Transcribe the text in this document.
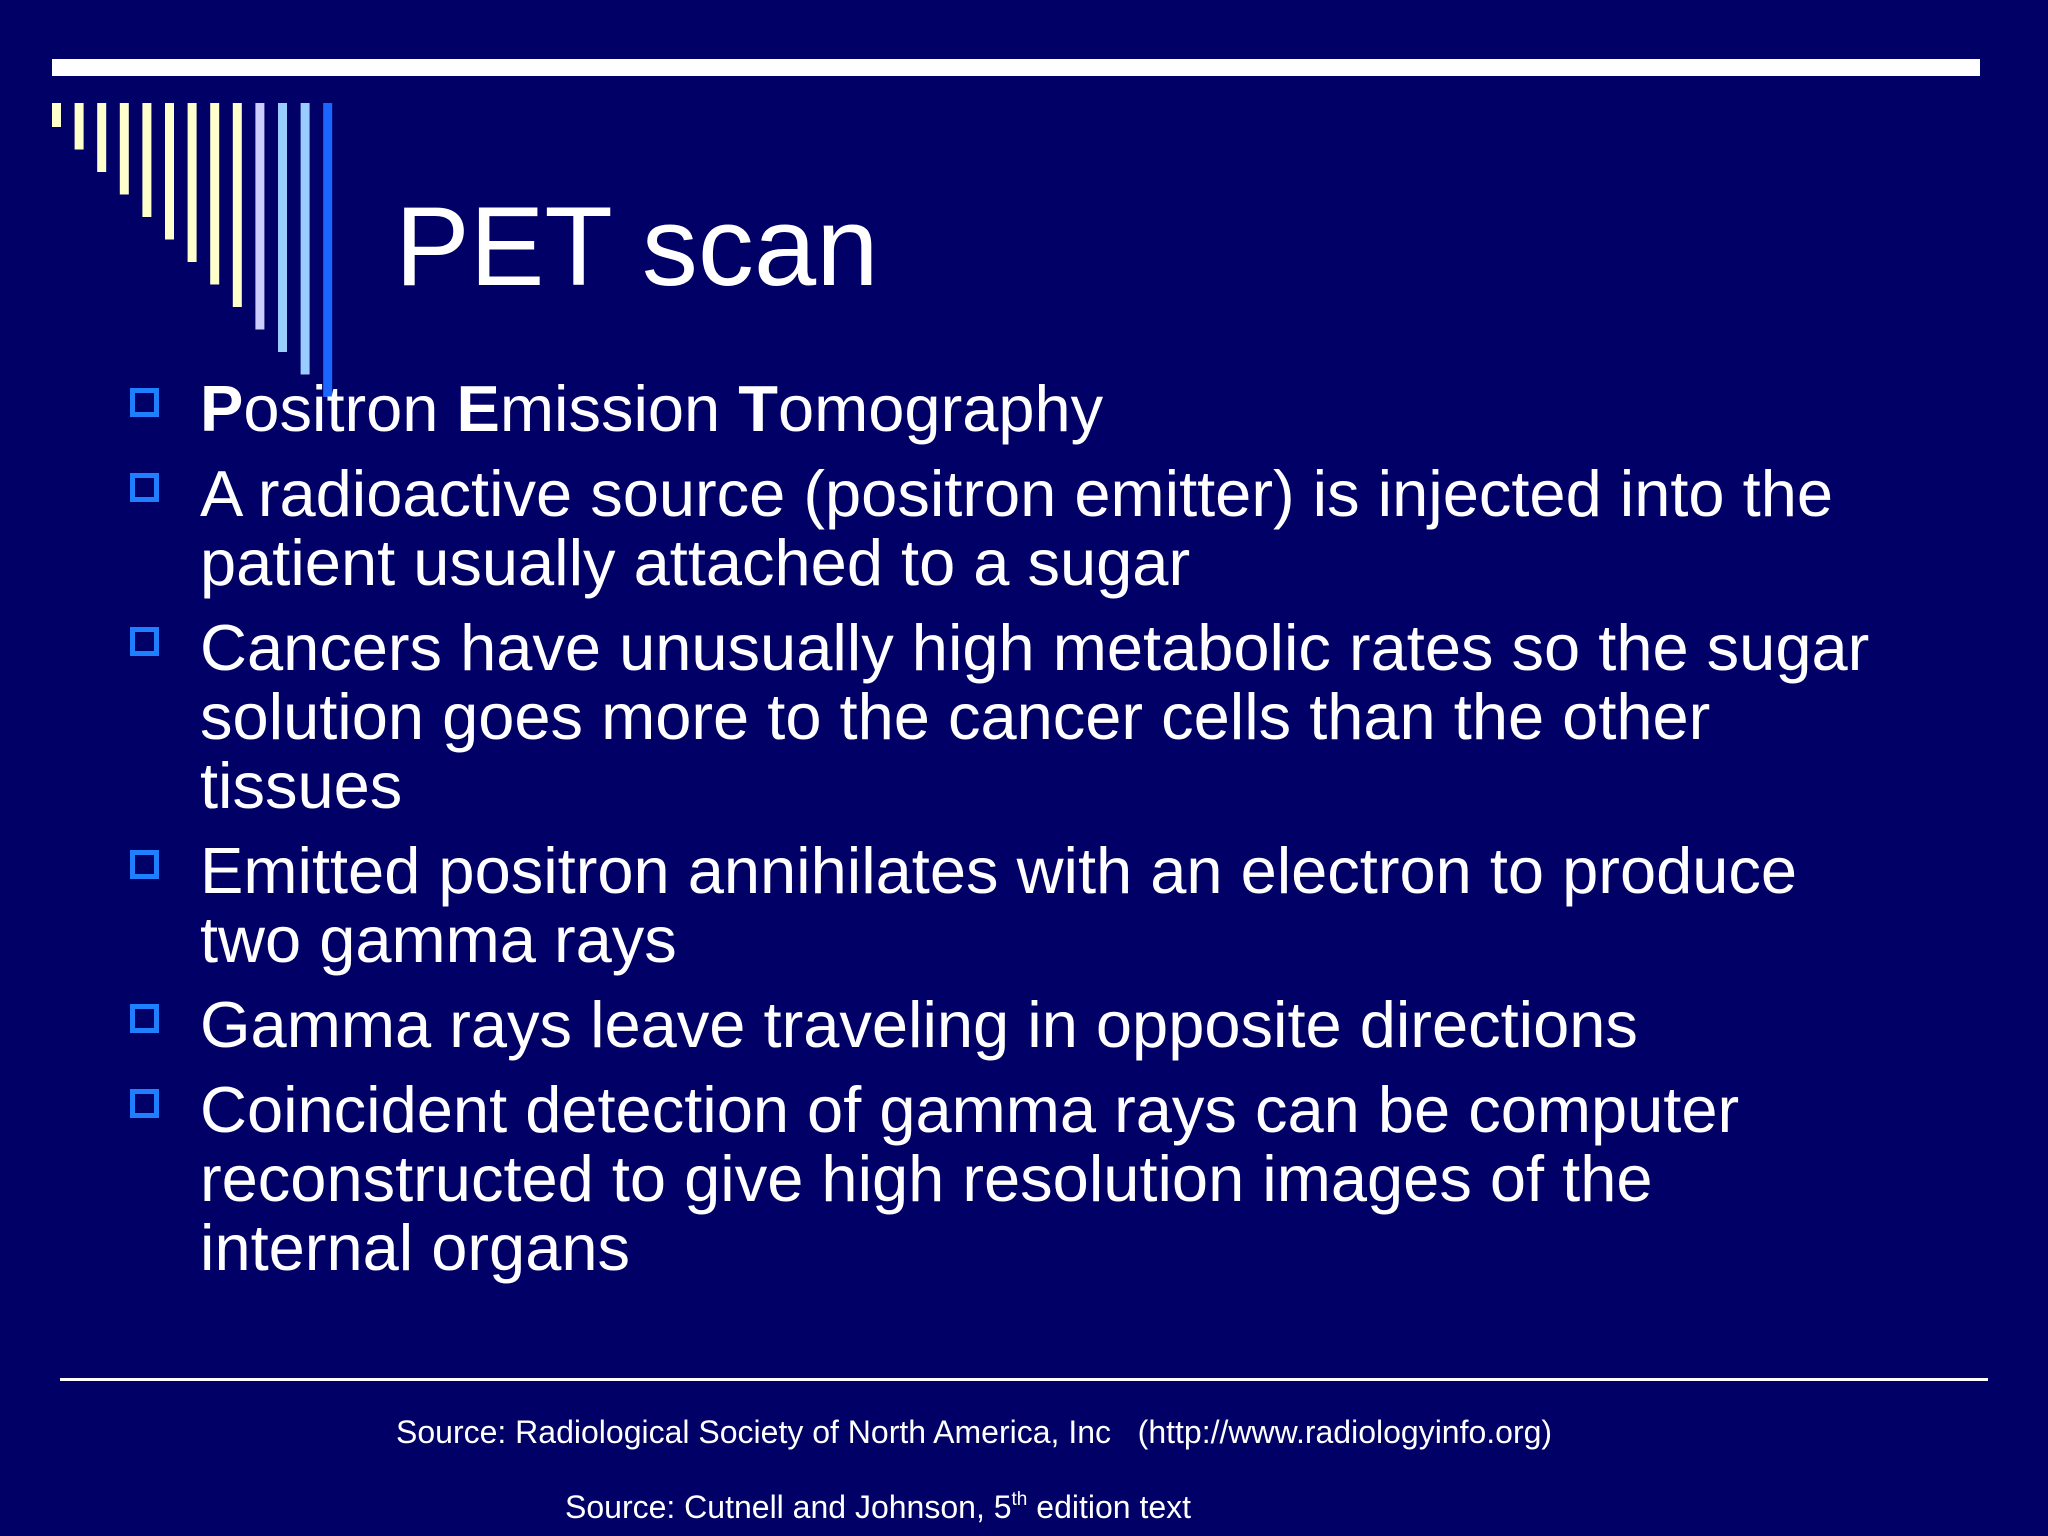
PET scan
Positron Emission Tomography
A radioactive source (positron emitter) is injected into the
patient usually attached to a sugar
Cancers have unusually high metabolic rates so the sugar
solution goes more to the cancer cells than the other
tissues
Emitted positron annihilates with an electron to produce
two gamma rays
Gamma rays leave traveling in opposite directions
Coincident detection of gamma rays can be computer
reconstructed to give high resolution images of the
internal organs
Source: Radiological Society of North America, Inc   (http://www.radiologyinfo.org)
Source: Cutnell and Johnson, 5th edition text
